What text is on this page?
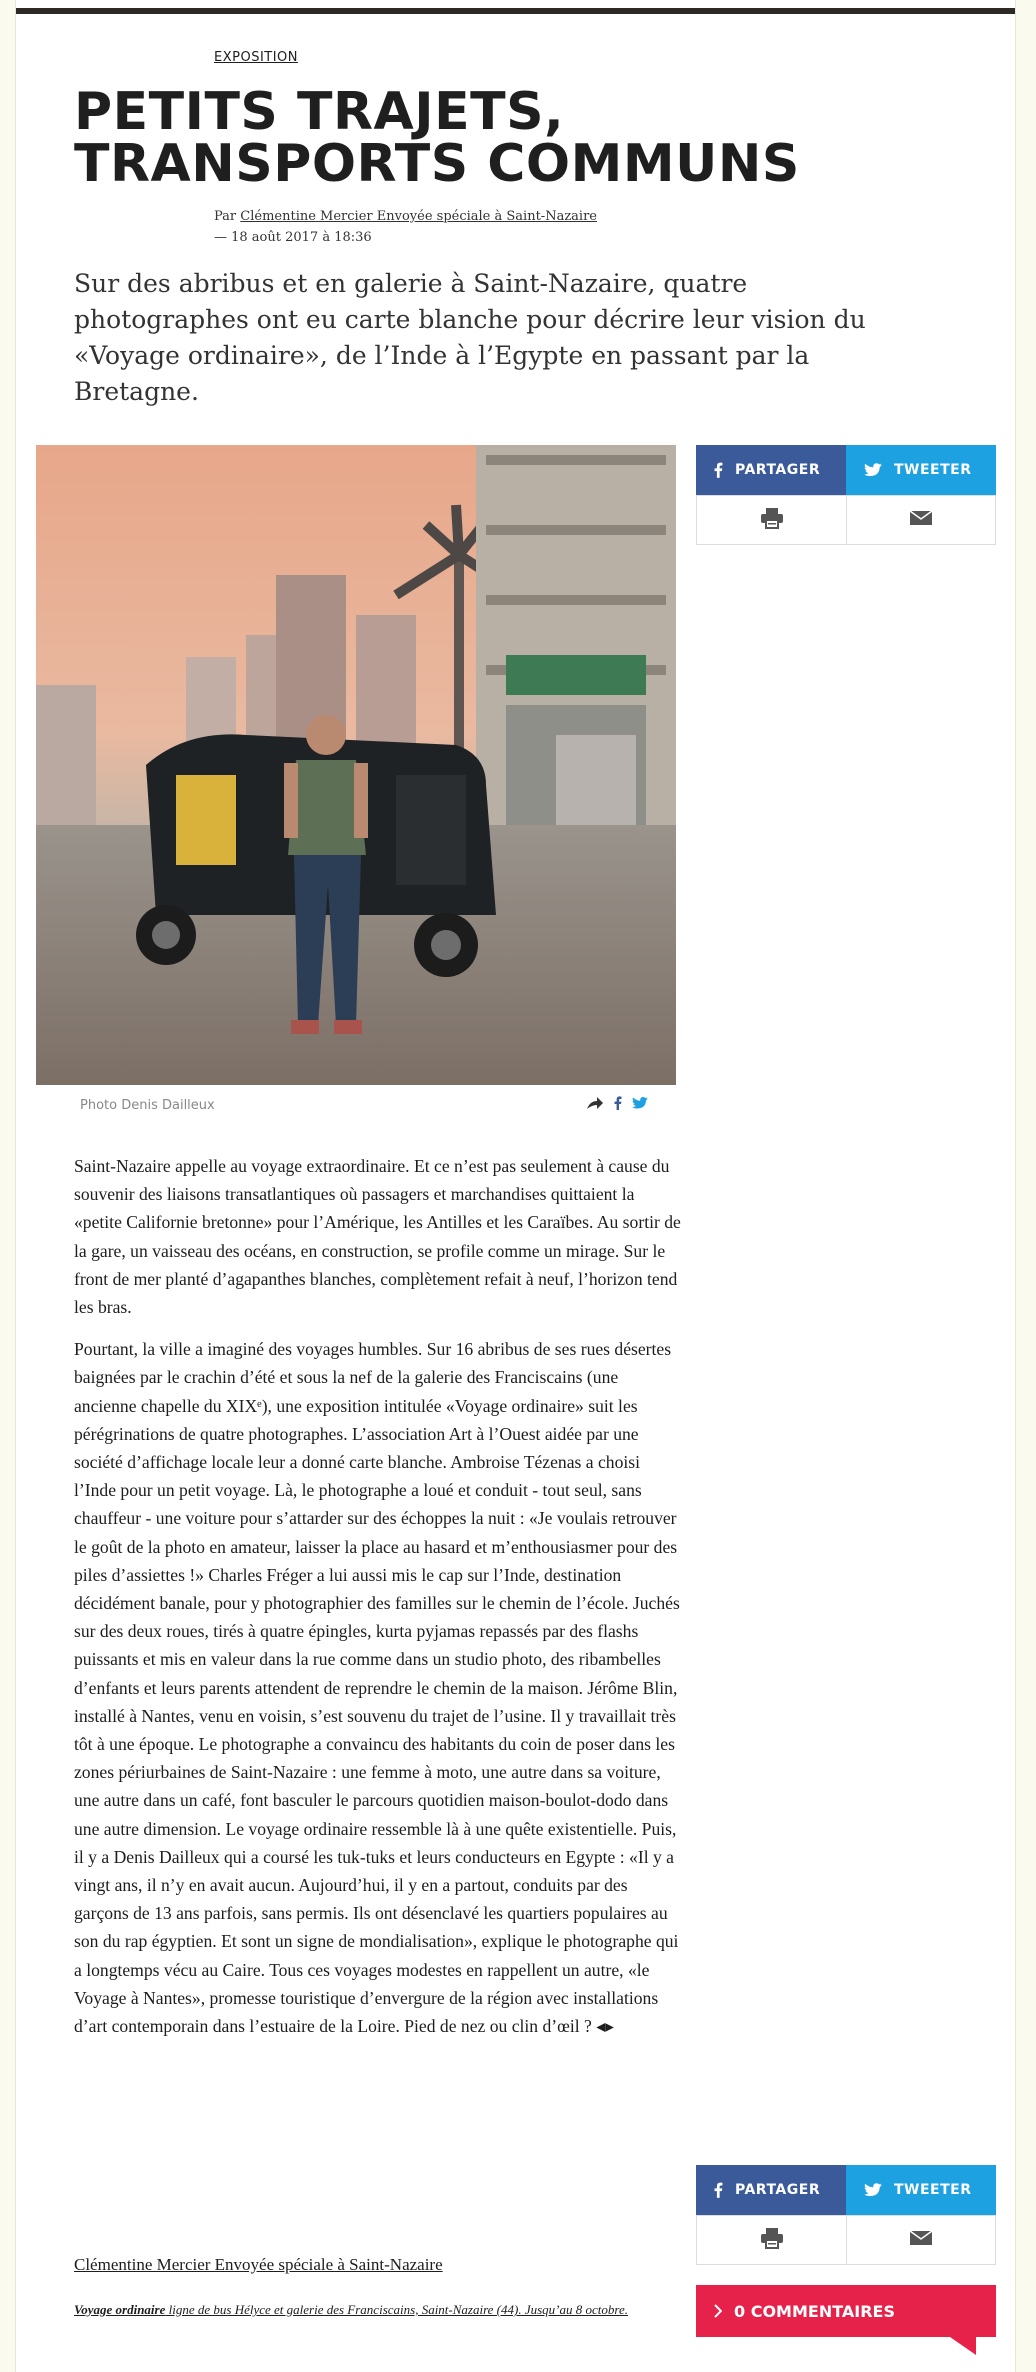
EXPOSITION
PETITS TRAJETS, TRANSPORTS COMMUNS
Par Clémentine Mercier Envoyée spéciale à Saint-Nazaire
— 18 août 2017 à 18:36

Sur des abribus et en galerie à Saint-Nazaire, quatre photographes ont eu carte blanche pour décrire leur vision du «Voyage ordinaire», de l’Inde à l’Egypte en passant par la Bretagne.

Photo Denis Dailleux

Saint-Nazaire appelle au voyage extraordinaire. Et ce n’est pas seulement à cause du souvenir des liaisons transatlantiques où passagers et marchandises quittaient la «petite Californie bretonne» pour l’Amérique, les Antilles et les Caraïbes. Au sortir de la gare, un vaisseau des océans, en construction, se profile comme un mirage. Sur le front de mer planté d’agapanthes blanches, complètement refait à neuf, l’horizon tend les bras.

Pourtant, la ville a imaginé des voyages humbles. Sur 16 abribus de ses rues désertes baignées par le crachin d’été et sous la nef de la galerie des Franciscains (une ancienne chapelle du XIXᵉ), une exposition intitulée «Voyage ordinaire» suit les pérégrinations de quatre photographes. L’association Art à l’Ouest aidée par une société d’affichage locale leur a donné carte blanche. Ambroise Tézenas a choisi l’Inde pour un petit voyage. Là, le photographe a loué et conduit - tout seul, sans chauffeur - une voiture pour s’attarder sur des échoppes la nuit : «Je voulais retrouver le goût de la photo en amateur, laisser la place au hasard et m’enthousiasmer pour des piles d’assiettes !» Charles Fréger a lui aussi mis le cap sur l’Inde, destination décidément banale, pour y photographier des familles sur le chemin de l’école. Juchés sur des deux roues, tirés à quatre épingles, kurta pyjamas repassés par des flashs puissants et mis en valeur dans la rue comme dans un studio photo, des ribambelles d’enfants et leurs parents attendent de reprendre le chemin de la maison. Jérôme Blin, installé à Nantes, venu en voisin, s’est souvenu du trajet de l’usine. Il y travaillait très tôt à une époque. Le photographe a convaincu des habitants du coin de poser dans les zones périurbaines de Saint-Nazaire : une femme à moto, une autre dans sa voiture, une autre dans un café, font basculer le parcours quotidien maison-boulot-dodo dans une autre dimension. Le voyage ordinaire ressemble là à une quête existentielle. Puis, il y a Denis Dailleux qui a coursé les tuk-tuks et leurs conducteurs en Egypte : «Il y a vingt ans, il n’y en avait aucun. Aujourd’hui, il y en a partout, conduits par des garçons de 13 ans parfois, sans permis. Ils ont désenclavé les quartiers populaires au son du rap égyptien. Et sont un signe de mondialisation», explique le photographe qui a longtemps vécu au Caire. Tous ces voyages modestes en rappellent un autre, «le Voyage à Nantes», promesse touristique d’envergure de la région avec installations d’art contemporain dans l’estuaire de la Loire. Pied de nez ou clin d’œil ? ◂▸

Clémentine Mercier Envoyée spéciale à Saint-Nazaire
Voyage ordinaire ligne de bus Hélyce et galerie des Franciscains, Saint-Nazaire (44). Jusqu’au 8 octobre.
PARTAGER	TWEETER
PARTAGER	TWEETER
0 COMMENTAIRES
